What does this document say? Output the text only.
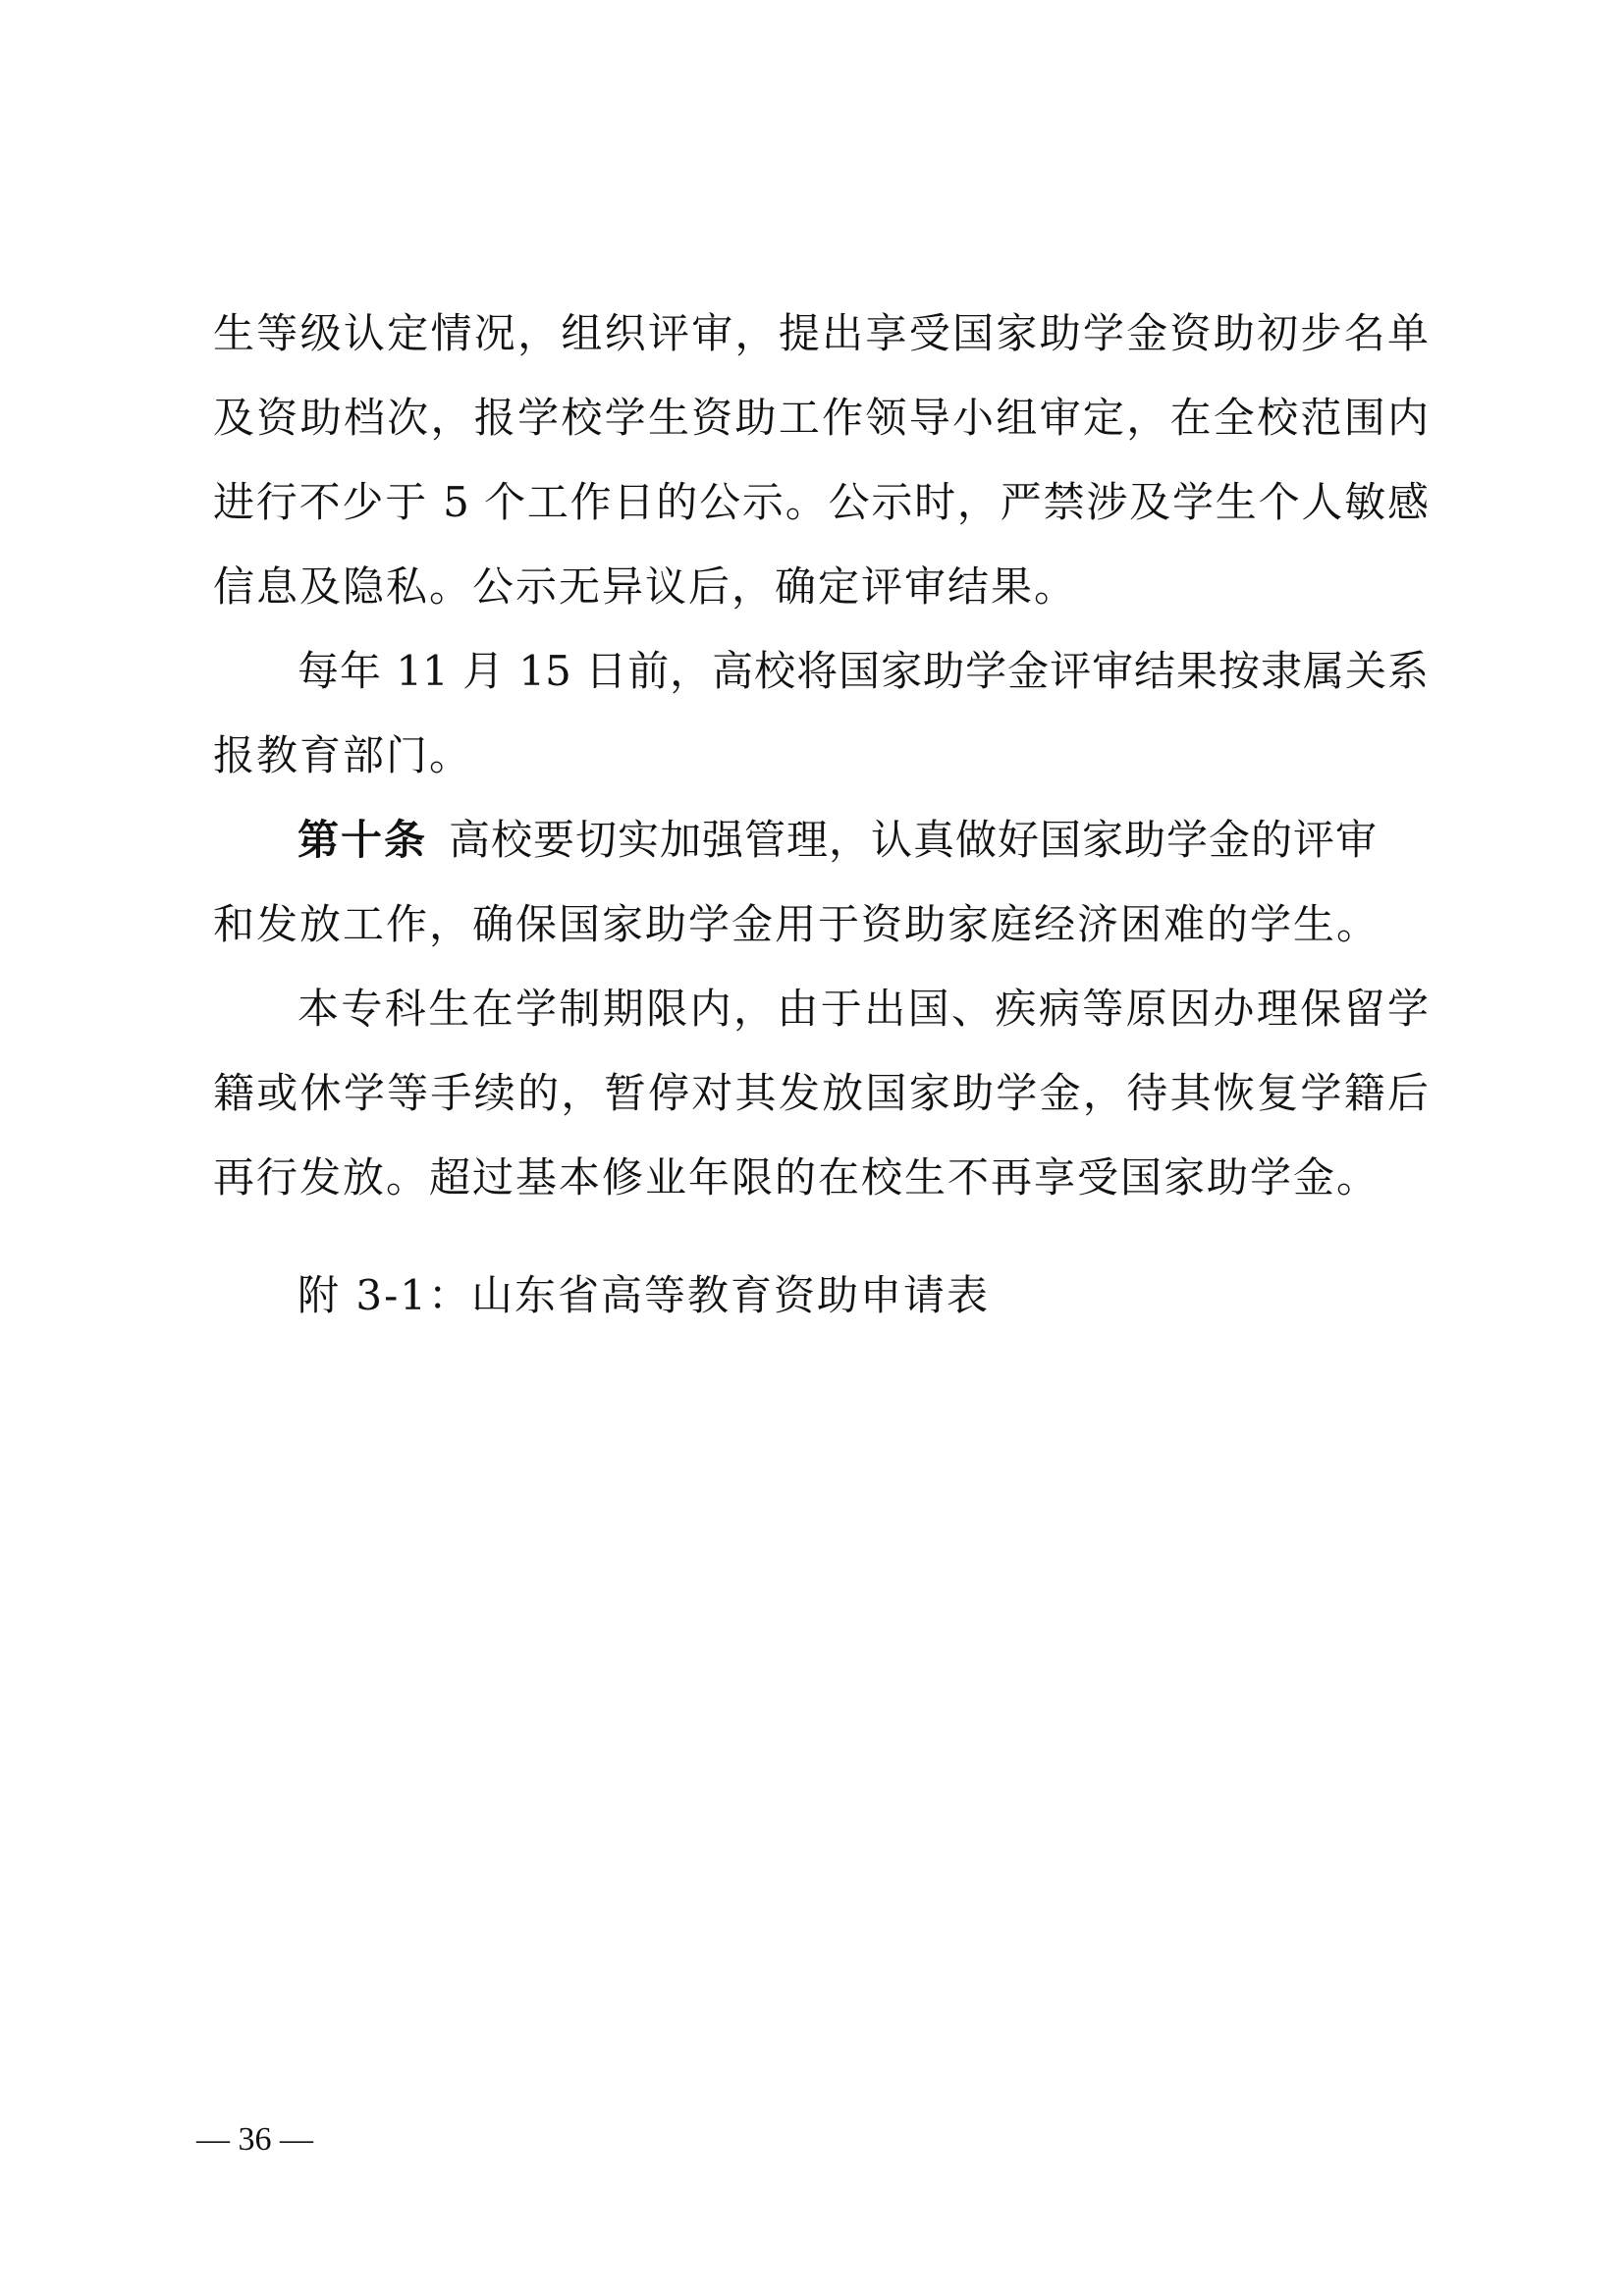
生等级认定情况，组织评审，提出享受国家助学金资助初步名单
及资助档次，报学校学生资助工作领导小组审定，在全校范围内
进行不少于 5 个工作日的公示。公示时，严禁涉及学生个人敏感
信息及隐私。公示无异议后，确定评审结果。
每年 11 月 15 日前，高校将国家助学金评审结果按隶属关系
报教育部门。
第十条 高校要切实加强管理，认真做好国家助学金的评审
和发放工作，确保国家助学金用于资助家庭经济困难的学生。
本专科生在学制期限内，由于出国、疾病等原因办理保留学
籍或休学等手续的，暂停对其发放国家助学金，待其恢复学籍后
再行发放。超过基本修业年限的在校生不再享受国家助学金。
附 3-1：山东省高等教育资助申请表
— 36 —
